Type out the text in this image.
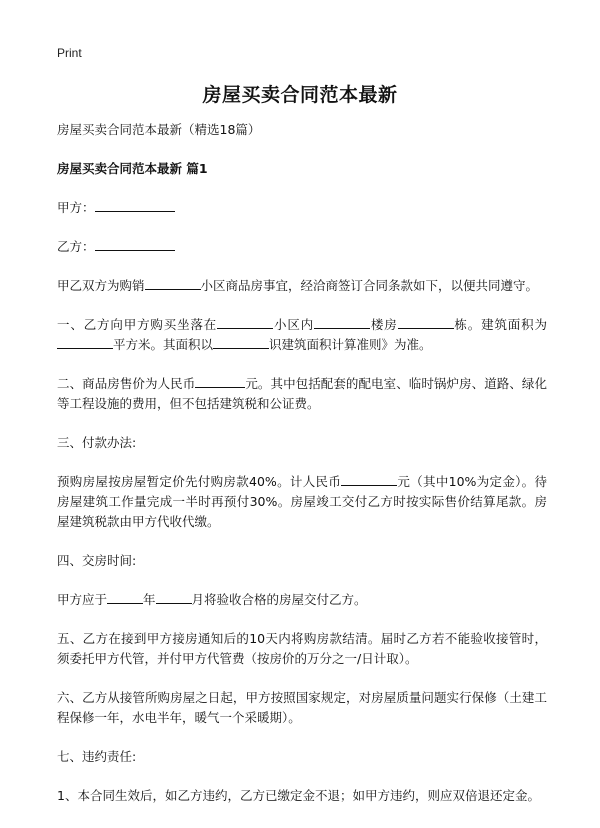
Print
房屋买卖合同范本最新

房屋买卖合同范本最新（精选18篇）

房屋买卖合同范本最新 篇1

甲方：

乙方：

甲乙双方为购销	小区商品房事宜，经洽商签订合同条款如下，以便共同遵守。

一、乙方向甲方购买坐落在	小区内	楼房	栋。建筑面积为平方米。其面积以	识建筑面积计算准则》为准。

二、商品房售价为人民币	元。其中包括配套的配电室、临时锅炉房、道路、绿化等工程设施的费用，但不包括建筑税和公证费。

三、付款办法:

预购房屋按房屋暂定价先付购房款40%。计人民币	元（其中10%为定金）。待房屋建筑工作量完成一半时再预付30%。房屋竣工交付乙方时按实际售价结算尾款。房屋建筑税款由甲方代收代缴。

四、交房时间:

甲方应于	年	月将验收合格的房屋交付乙方。

五、乙方在接到甲方接房通知后的10天内将购房款结清。届时乙方若不能验收接管时，须委托甲方代管，并付甲方代管费（按房价的万分之一/日计取）。

六、乙方从接管所购房屋之日起，甲方按照国家规定，对房屋质量问题实行保修（土建工程保修一年，水电半年，暖气一个采暖期）。

七、违约责任:

1、本合同生效后，如乙方违约，乙方已缴定金不退；如甲方违约，则应双倍退还定金。
